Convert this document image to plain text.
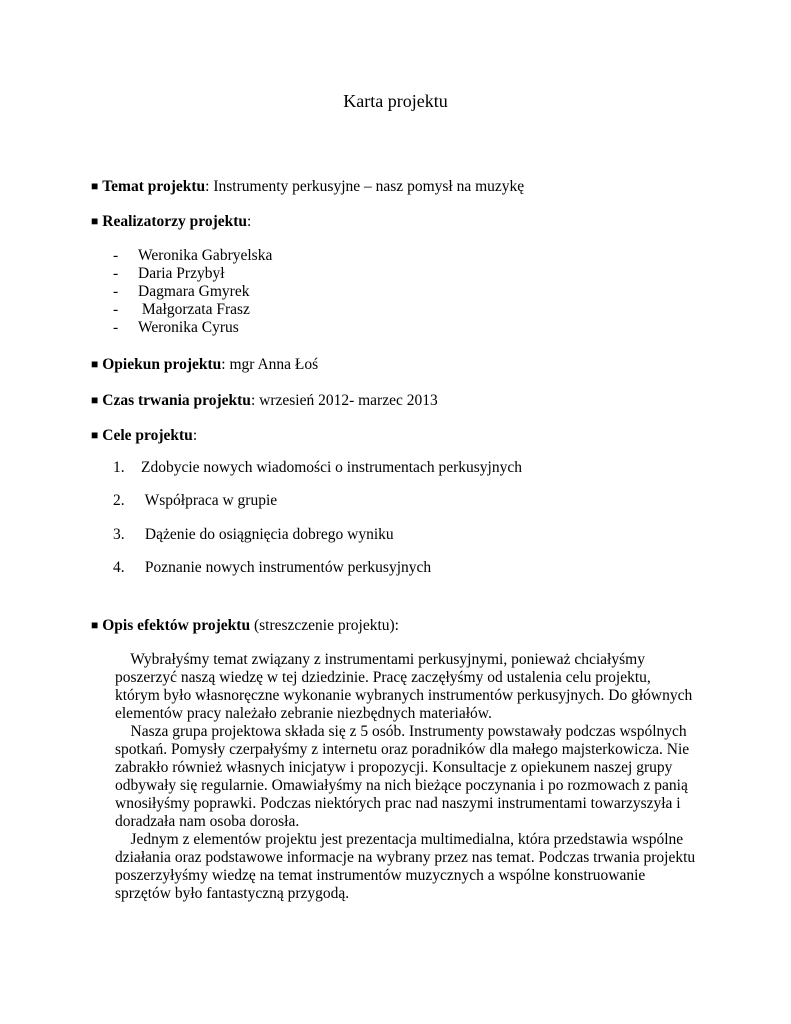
Karta projektu
■ Temat projektu: Instrumenty perkusyjne – nasz pomysł na muzykę
■ Realizatorzy projektu:
- Weronika Gabryelska
- Daria Przybył
- Dagmara Gmyrek
- Małgorzata Frasz
- Weronika Cyrus
■ Opiekun projektu: mgr Anna Łoś
■ Czas trwania projektu: wrzesień 2012- marzec 2013
■ Cele projektu:
1. Zdobycie nowych wiadomości o instrumentach perkusyjnych
2. Współpraca w grupie
3. Dążenie do osiągnięcia dobrego wyniku
4. Poznanie nowych instrumentów perkusyjnych
■ Opis efektów projektu (streszczenie projektu):
Wybrałyśmy temat związany z instrumentami perkusyjnymi, ponieważ chciałyśmy
poszerzyć naszą wiedzę w tej dziedzinie. Pracę zaczęłyśmy od ustalenia celu projektu,
którym było własnoręczne wykonanie wybranych instrumentów perkusyjnych. Do głównych
elementów pracy należało zebranie niezbędnych materiałów.
Nasza grupa projektowa składa się z 5 osób. Instrumenty powstawały podczas wspólnych
spotkań. Pomysły czerpałyśmy z internetu oraz poradników dla małego majsterkowicza. Nie
zabrakło również własnych inicjatyw i propozycji. Konsultacje z opiekunem naszej grupy
odbywały się regularnie. Omawiałyśmy na nich bieżące poczynania i po rozmowach z panią
wnosiłyśmy poprawki. Podczas niektórych prac nad naszymi instrumentami towarzyszyła i
doradzała nam osoba dorosła.
Jednym z elementów projektu jest prezentacja multimedialna, która przedstawia wspólne
działania oraz podstawowe informacje na wybrany przez nas temat. Podczas trwania projektu
poszerzyłyśmy wiedzę na temat instrumentów muzycznych a wspólne konstruowanie
sprzętów było fantastyczną przygodą.
